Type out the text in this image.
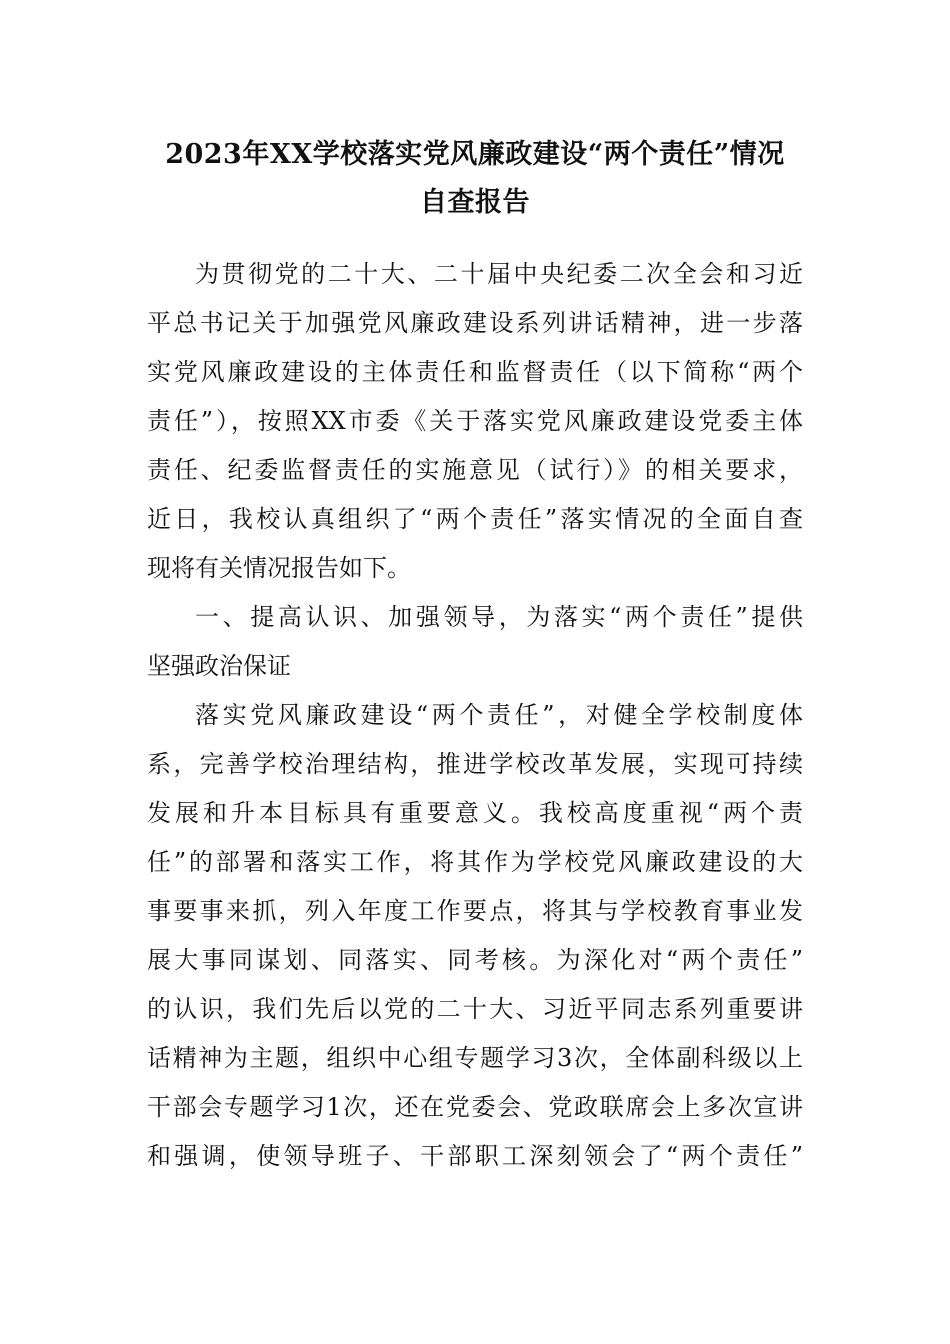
2023年XX学校落实党风廉政建设“两个责任”情况
自查报告

为贯彻党的二十大、二十届中央纪委二次全会和习近

平总书记关于加强党风廉政建设系列讲话精神，进一步落

实党风廉政建设的主体责任和监督责任（以下简称“两个

责任”），按照XX市委《关于落实党风廉政建设党委主体

责任、纪委监督责任的实施意见（试行）》的相关要求，

近日，我校认真组织了“两个责任”落实情况的全面自查

现将有关情况报告如下。

一、提高认识、加强领导，为落实“两个责任”提供

坚强政治保证

落实党风廉政建设“两个责任”，对健全学校制度体

系，完善学校治理结构，推进学校改革发展，实现可持续

发展和升本目标具有重要意义。我校高度重视“两个责

任”的部署和落实工作，将其作为学校党风廉政建设的大

事要事来抓，列入年度工作要点，将其与学校教育事业发

展大事同谋划、同落实、同考核。为深化对“两个责任”

的认识，我们先后以党的二十大、习近平同志系列重要讲

话精神为主题，组织中心组专题学习3次，全体副科级以上

干部会专题学习1次，还在党委会、党政联席会上多次宣讲

和强调，使领导班子、干部职工深刻领会了“两个责任”
